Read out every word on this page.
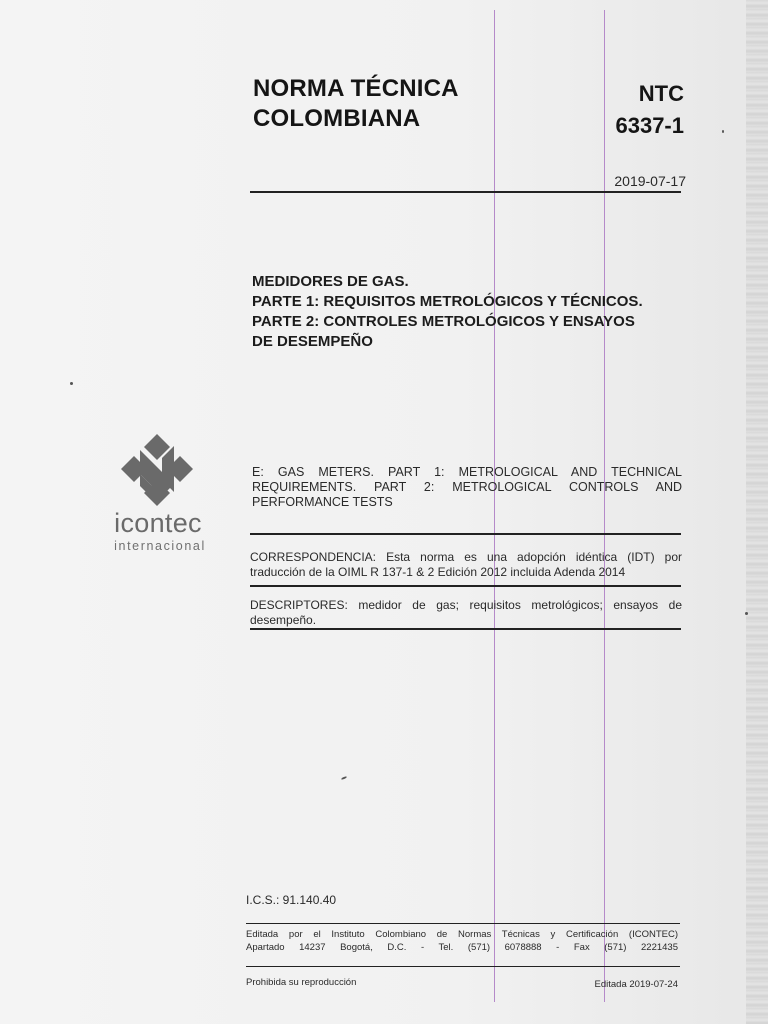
NORMA TÉCNICA
COLOMBIANA
NTC
6337-1
2019-07-17
MEDIDORES DE GAS.
PARTE 1: REQUISITOS METROLÓGICOS Y TÉCNICOS.
PARTE 2: CONTROLES METROLÓGICOS Y ENSAYOS
DE DESEMPEÑO
icontec
internacional
E: GAS METERS. PART 1: METROLOGICAL AND TECHNICAL
REQUIREMENTS. PART 2: METROLOGICAL CONTROLS AND
PERFORMANCE TESTS
CORRESPONDENCIA: Esta norma es una adopción idéntica (IDT) por
traducción de la OIML R 137-1 & 2 Edición 2012 incluida Adenda 2014
DESCRIPTORES: medidor de gas; requisitos metrológicos; ensayos de
desempeño.
I.C.S.: 91.140.40
Editada por el Instituto Colombiano de Normas Técnicas y Certificación (ICONTEC)
Apartado 14237 Bogotá, D.C. - Tel. (571) 6078888 - Fax (571) 2221435
Prohibida su reproducción	Editada 2019-07-24
